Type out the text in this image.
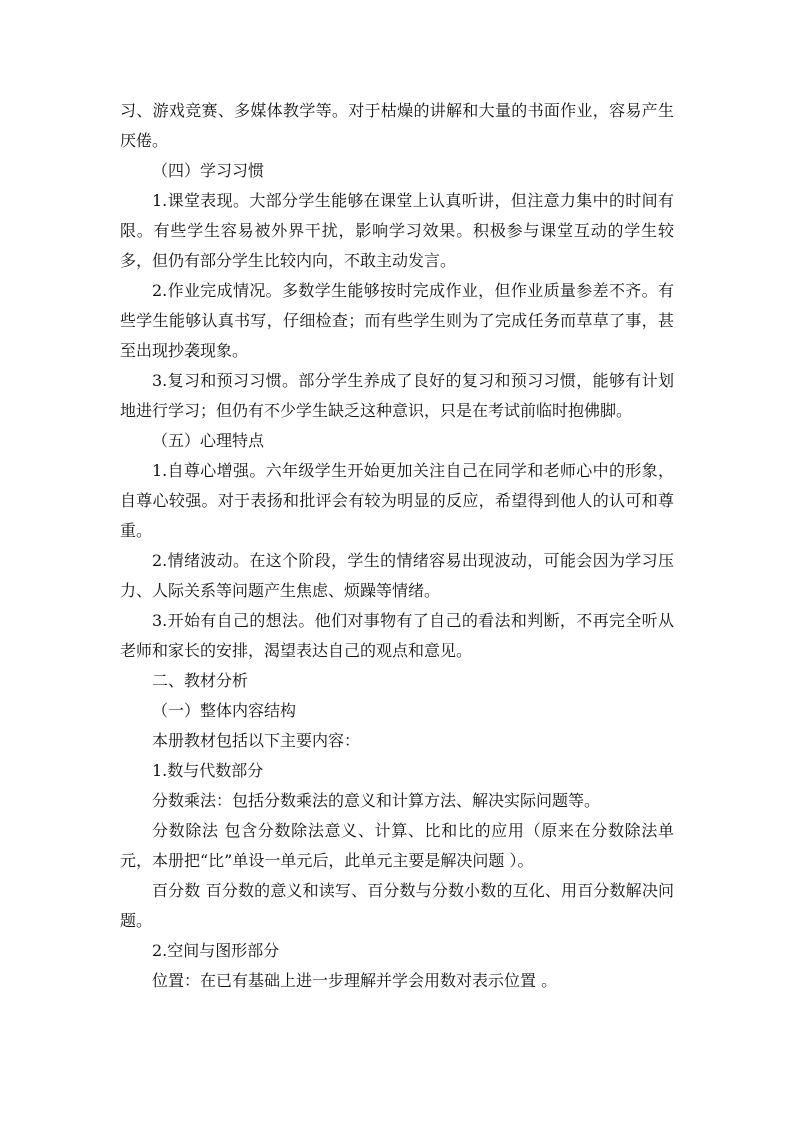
习、游戏竞赛、多媒体教学等。对于枯燥的讲解和大量的书面作业，容易产生厌倦。

（四）学习习惯

1.课堂表现。大部分学生能够在课堂上认真听讲，但注意力集中的时间有限。有些学生容易被外界干扰，影响学习效果。积极参与课堂互动的学生较多，但仍有部分学生比较内向，不敢主动发言。

2.作业完成情况。多数学生能够按时完成作业，但作业质量参差不齐。有些学生能够认真书写，仔细检查；而有些学生则为了完成任务而草草了事，甚至出现抄袭现象。

3.复习和预习习惯。部分学生养成了良好的复习和预习习惯，能够有计划地进行学习；但仍有不少学生缺乏这种意识，只是在考试前临时抱佛脚。

（五）心理特点

1.自尊心增强。六年级学生开始更加关注自己在同学和老师心中的形象，自尊心较强。对于表扬和批评会有较为明显的反应，希望得到他人的认可和尊重。

2.情绪波动。在这个阶段，学生的情绪容易出现波动，可能会因为学习压力、人际关系等问题产生焦虑、烦躁等情绪。

3.开始有自己的想法。他们对事物有了自己的看法和判断，不再完全听从老师和家长的安排，渴望表达自己的观点和意见。

二、教材分析

（一）整体内容结构

本册教材包括以下主要内容：

1.数与代数部分

分数乘法：包括分数乘法的意义和计算方法、解决实际问题等。

分数除法 包含分数除法意义、计算、比和比的应用（原来在分数除法单元，本册把“比”单设一单元后，此单元主要是解决问题 ）。

百分数 百分数的意义和读写、百分数与分数小数的互化、用百分数解决问题。

2.空间与图形部分

位置：在已有基础上进一步理解并学会用数对表示位置 。
